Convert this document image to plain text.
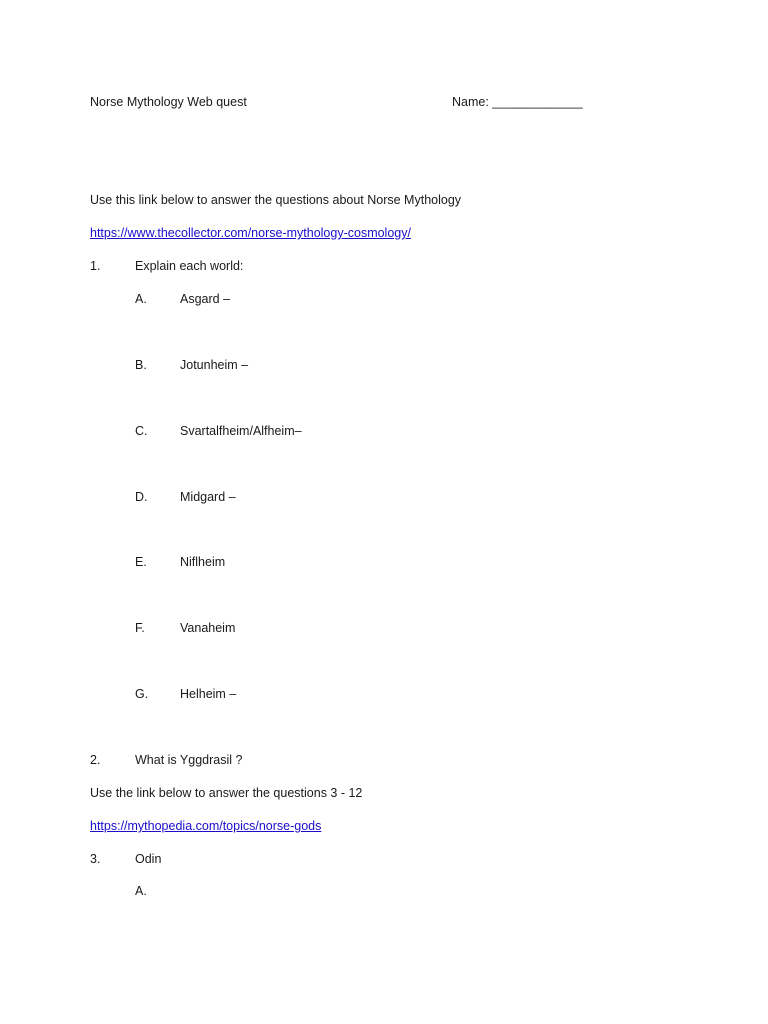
Norse Mythology Web quest	Name: _____________
Use this link below to answer the questions about Norse Mythology
https://www.thecollector.com/norse-mythology-cosmology/
1.	Explain each world:
A.	Asgard –
B.	Jotunheim –
C.	Svartalfheim/Alfheim–
D.	Midgard –
E.	Niflheim
F.	Vanaheim
G.	Helheim –
2.	What is Yggdrasil ?
Use the link below to answer the questions 3 - 12
https://mythopedia.com/topics/norse-gods
3.	Odin
A.
